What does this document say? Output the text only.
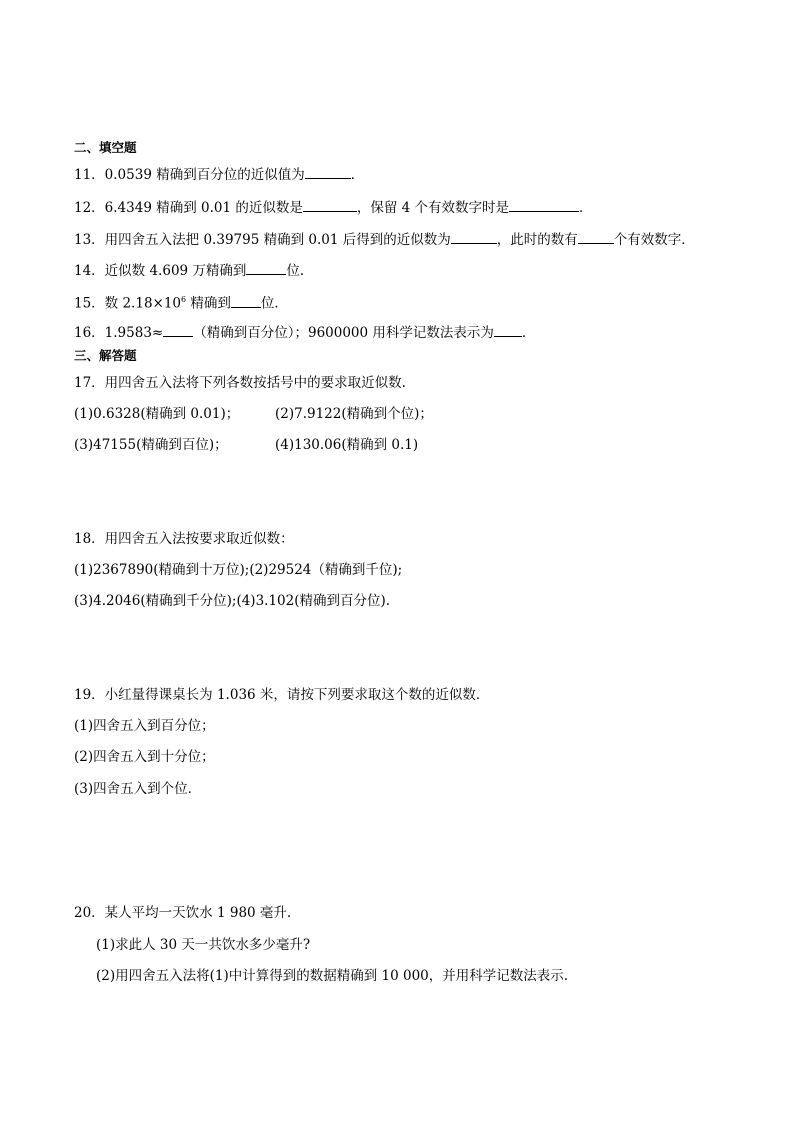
二、填空题
11．0.0539 精确到百分位的近似值为	．
12．6.4349 精确到 0.01 的近似数是	，保留 4 个有效数字时是	．
13．用四舍五入法把 0.39795 精确到 0.01 后得到的近似数为	，此时的数有	个有效数字．
14．近似数 4.609 万精确到	位.
15．数 $2.18\times 10^6$ 精确到 位．
16．1.9583≈ （精确到百分位）；9600000 用科学记数法表示为 ．
三、解答题
17．用四舍五入法将下列各数按括号中的要求取近似数.
(1)0.6328(精确到 0.01)；	(2)7.9122(精确到个位)；
(3)47155(精确到百位)；	(4)130.06(精确到 0.1)
18．用四舍五入法按要求取近似数：
(1)2367890(精确到十万位);(2)29524（精确到千位);
(3)4.2046(精确到千分位);(4)3.102(精确到百分位).
19．小红量得课桌长为 1.036 米，请按下列要求取这个数的近似数．
(1)四舍五入到百分位；
(2)四舍五入到十分位；
(3)四舍五入到个位．
20．某人平均一天饮水 1 980 毫升.
(1)求此人 30 天一共饮水多少毫升?
(2)用四舍五入法将(1)中计算得到的数据精确到 10 000，并用科学记数法表示.
